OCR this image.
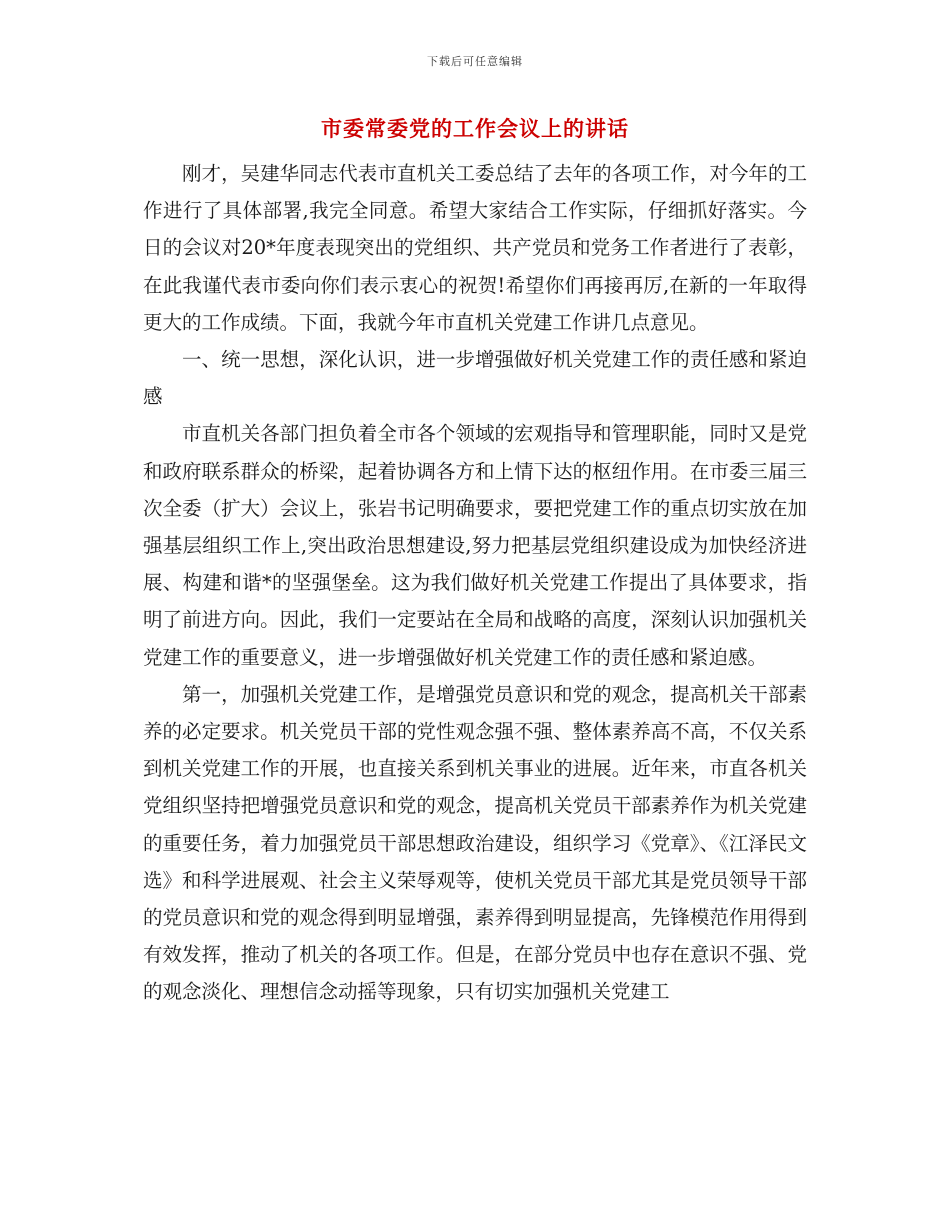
下载后可任意编辑
市委常委党的工作会议上的讲话

刚才，吴建华同志代表市直机关工委总结了去年的各项工作，对今年的工作进行了具体部署,我完全同意。希望大家结合工作实际，仔细抓好落实。今日的会议对20*年度表现突出的党组织、共产党员和党务工作者进行了表彰，在此我谨代表市委向你们表示衷心的祝贺!希望你们再接再厉,在新的一年取得更大的工作成绩。下面，我就今年市直机关党建工作讲几点意见。

一、统一思想，深化认识，进一步增强做好机关党建工作的责任感和紧迫感

市直机关各部门担负着全市各个领域的宏观指导和管理职能，同时又是党和政府联系群众的桥梁，起着协调各方和上情下达的枢纽作用。在市委三届三次全委（扩大）会议上，张岩书记明确要求，要把党建工作的重点切实放在加强基层组织工作上,突出政治思想建设,努力把基层党组织建设成为加快经济进展、构建和谐*的坚强堡垒。这为我们做好机关党建工作提出了具体要求，指明了前进方向。因此，我们一定要站在全局和战略的高度，深刻认识加强机关党建工作的重要意义，进一步增强做好机关党建工作的责任感和紧迫感。

第一，加强机关党建工作，是增强党员意识和党的观念，提高机关干部素养的必定要求。机关党员干部的党性观念强不强、整体素养高不高，不仅关系到机关党建工作的开展，也直接关系到机关事业的进展。近年来，市直各机关党组织坚持把增强党员意识和党的观念，提高机关党员干部素养作为机关党建的重要任务，着力加强党员干部思想政治建设，组织学习《党章》、《江泽民文选》和科学进展观、社会主义荣辱观等，使机关党员干部尤其是党员领导干部的党员意识和党的观念得到明显增强，素养得到明显提高，先锋模范作用得到有效发挥，推动了机关的各项工作。但是，在部分党员中也存在意识不强、党的观念淡化、理想信念动摇等现象，只有切实加强机关党建工
